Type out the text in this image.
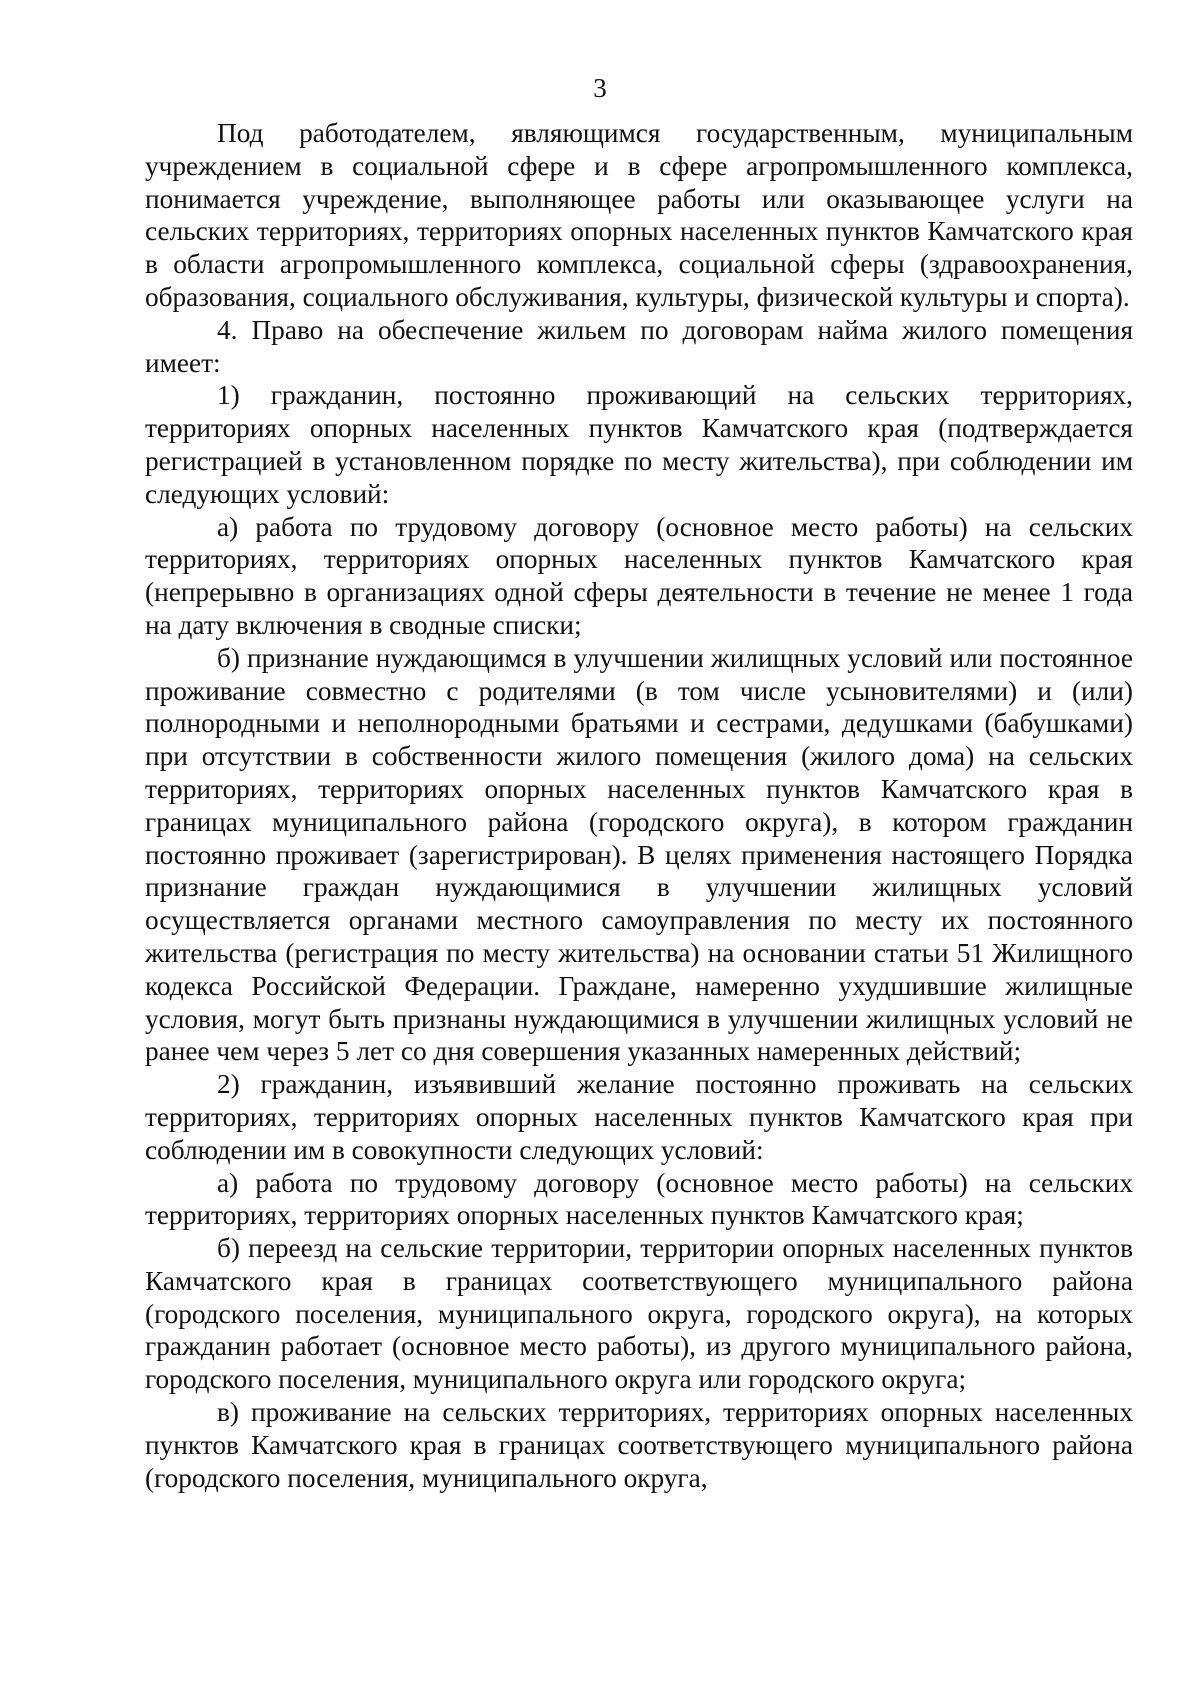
3

Под работодателем, являющимся государственным, муниципальным учреждением в социальной сфере и в сфере агропромышленного комплекса, понимается учреждение, выполняющее работы или оказывающее услуги на сельских территориях, территориях опорных населенных пунктов Камчатского края в области агропромышленного комплекса, социальной сферы (здравоохранения, образования, социального обслуживания, культуры, физической культуры и спорта).

4. Право на обеспечение жильем по договорам найма жилого помещения имеет:

1) гражданин, постоянно проживающий на сельских территориях, территориях опорных населенных пунктов Камчатского края (подтверждается регистрацией в установленном порядке по месту жительства), при соблюдении им следующих условий:

а) работа по трудовому договору (основное место работы) на сельских территориях, территориях опорных населенных пунктов Камчатского края (непрерывно в организациях одной сферы деятельности в течение не менее 1 года на дату включения в сводные списки;

б) признание нуждающимся в улучшении жилищных условий или постоянное проживание совместно с родителями (в том числе усыновителями) и (или) полнородными и неполнородными братьями и сестрами, дедушками (бабушками) при отсутствии в собственности жилого помещения (жилого дома) на сельских территориях, территориях опорных населенных пунктов Камчатского края в границах муниципального района (городского округа), в котором гражданин постоянно проживает (зарегистрирован). В целях применения настоящего Порядка признание граждан нуждающимися в улучшении жилищных условий осуществляется органами местного самоуправления по месту их постоянного жительства (регистрация по месту жительства) на основании статьи 51 Жилищного кодекса Российской Федерации. Граждане, намеренно ухудшившие жилищные условия, могут быть признаны нуждающимися в улучшении жилищных условий не ранее чем через 5 лет со дня совершения указанных намеренных действий;

2) гражданин, изъявивший желание постоянно проживать на сельских территориях, территориях опорных населенных пунктов Камчатского края при соблюдении им в совокупности следующих условий:

а) работа по трудовому договору (основное место работы) на сельских территориях, территориях опорных населенных пунктов Камчатского края;

б) переезд на сельские территории, территории опорных населенных пунктов Камчатского края в границах соответствующего муниципального района (городского поселения, муниципального округа, городского округа), на которых гражданин работает (основное место работы), из другого муниципального района, городского поселения, муниципального округа или городского округа;

в) проживание на сельских территориях, территориях опорных населенных пунктов Камчатского края в границах соответствующего муниципального района (городского поселения, муниципального округа,
